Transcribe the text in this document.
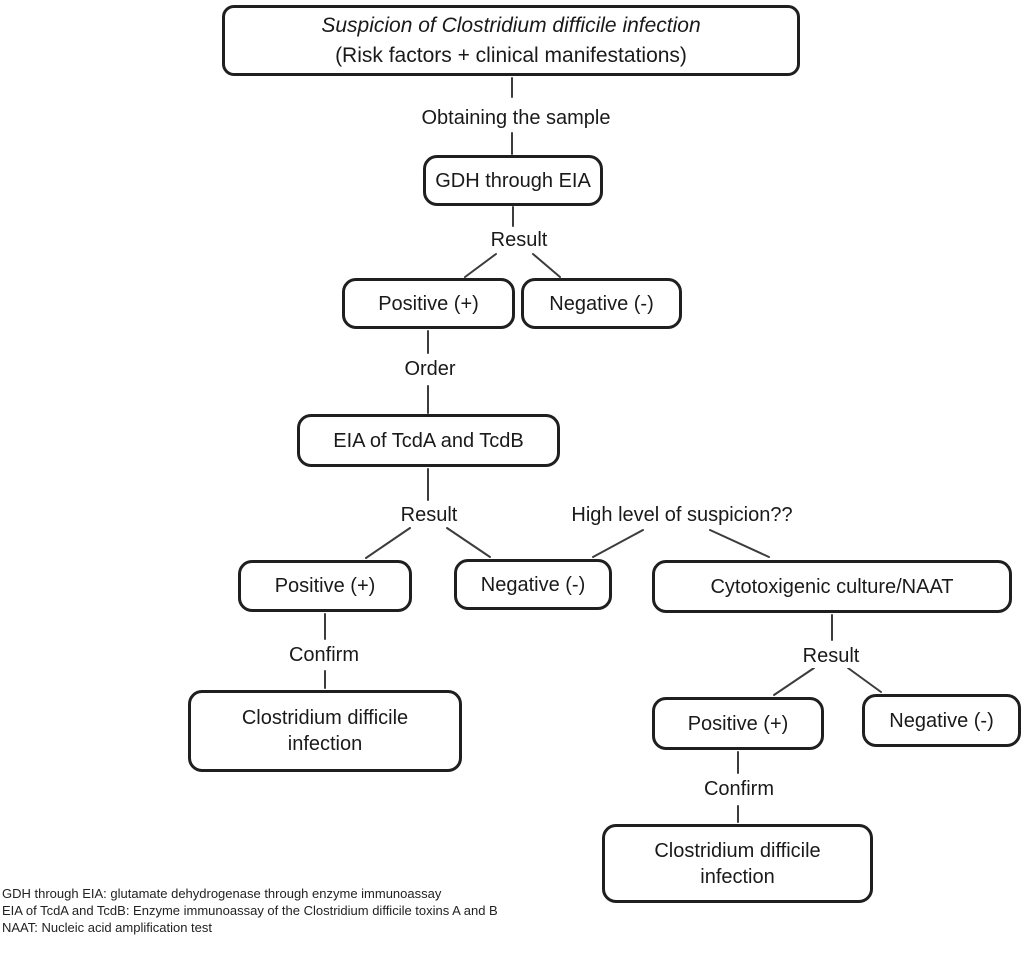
Suspicion of Clostridium difficile infection
(Risk factors + clinical manifestations)
GDH through EIA
Positive (+)	Negative (-)
EIA of TcdA and TcdB
Positive (+)	Negative (-)	Cytotoxigenic culture/NAAT
Clostridium difficile infection
Positive (+)	Negative (-)
Clostridium difficile infection
Obtaining the sample
Result
Order
Result	High level of suspicion??
Confirm	Result
Confirm
GDH through EIA: glutamate dehydrogenase through enzyme immunoassay
EIA of TcdA and TcdB: Enzyme immunoassay of the Clostridium difficile toxins A and B
NAAT: Nucleic acid amplification test
